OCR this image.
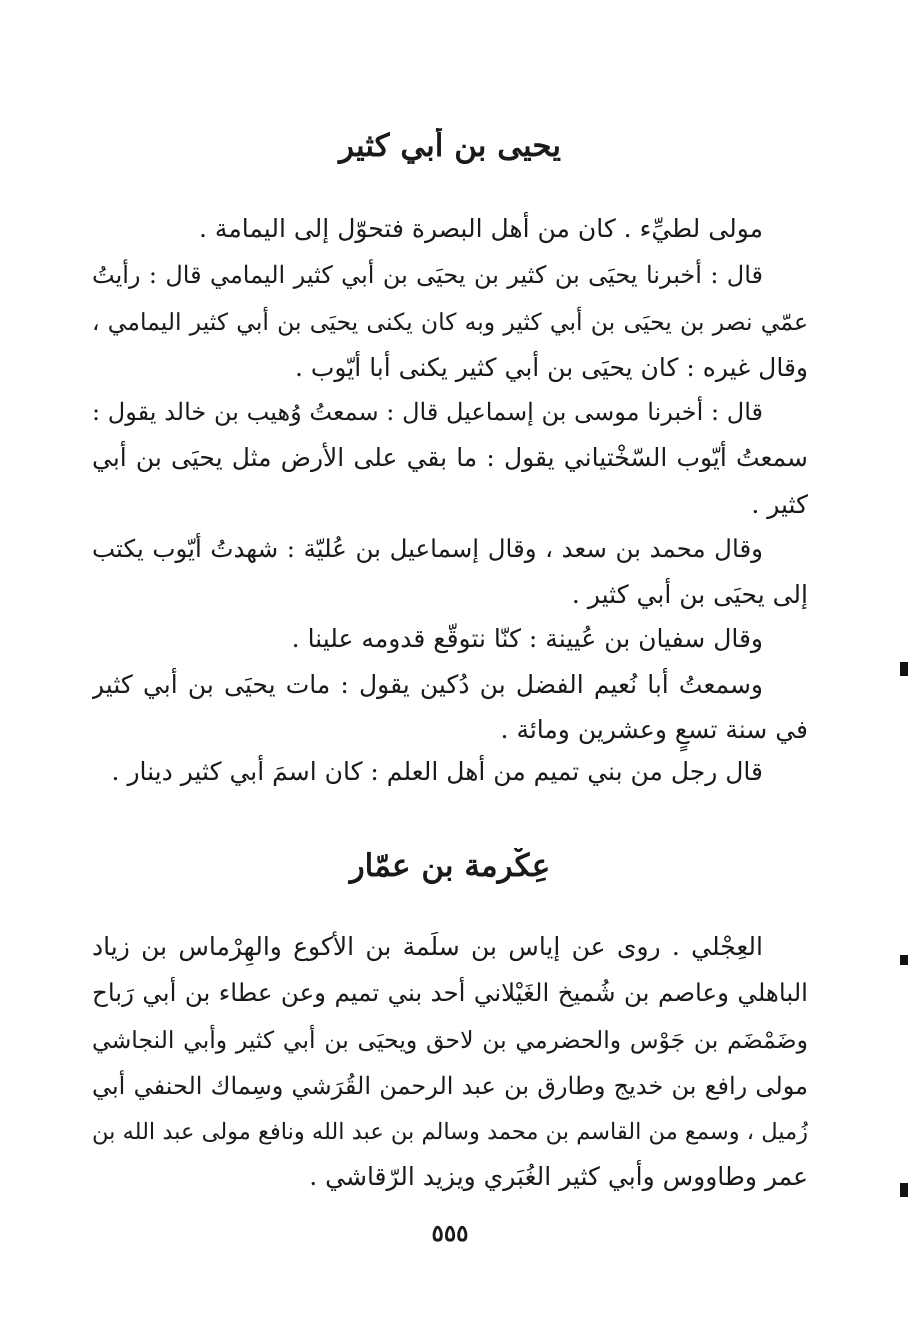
يحيى بن أبي كثير
مولى لطيِّء . كان من أهل البصرة فتحوّل إلى اليمامة .
قال : أخبرنا يحيَى بن كثير بن يحيَى بن أبي كثير اليمامي قال : رأيتُ
عمّي نصر بن يحيَى بن أبي كثير وبه كان يكنى يحيَى بن أبي كثير اليمامي ،
وقال غيره : كان يحيَى بن أبي كثير يكنى أبا أيّوب .
قال : أخبرنا موسى بن إسماعيل قال : سمعتُ وُهيب بن خالد يقول :
سمعتُ أيّوب السّخْتياني يقول : ما بقي على الأرض مثل يحيَى بن أبي
كثير .
وقال محمد بن سعد ، وقال إسماعيل بن عُليّة : شهدتُ أيّوب يكتب
إلى يحيَى بن أبي كثير .
وقال سفيان بن عُيينة : كنّا نتوقّع قدومه علينا .
وسمعتُ أبا نُعيم الفضل بن دُكين يقول : مات يحيَى بن أبي كثير
في سنة تسعٍ وعشرين ومائة .
قال رجل من بني تميم من أهل العلم : كان اسمَ أبي كثير دينار .
عِكْرمة بن عمّار
العِجْلي . روى عن إياس بن سلَمة بن الأكوع والهِرْماس بن زياد
الباهلي وعاصم بن شُميخ الغَيْلاني أحد بني تميم وعن عطاء بن أبي رَباح
وضَمْضَم بن جَوْس والحضرمي بن لاحق ويحيَى بن أبي كثير وأبي النجاشي
مولى رافع بن خديج وطارق بن عبد الرحمن القُرَشي وسِماك الحنفي أبي
زُميل ، وسمع من القاسم بن محمد وسالم بن عبد الله ونافع مولى عبد الله بن
عمر وطاووس وأبي كثير الغُبَري ويزيد الرّقاشي .
٥٥٥
